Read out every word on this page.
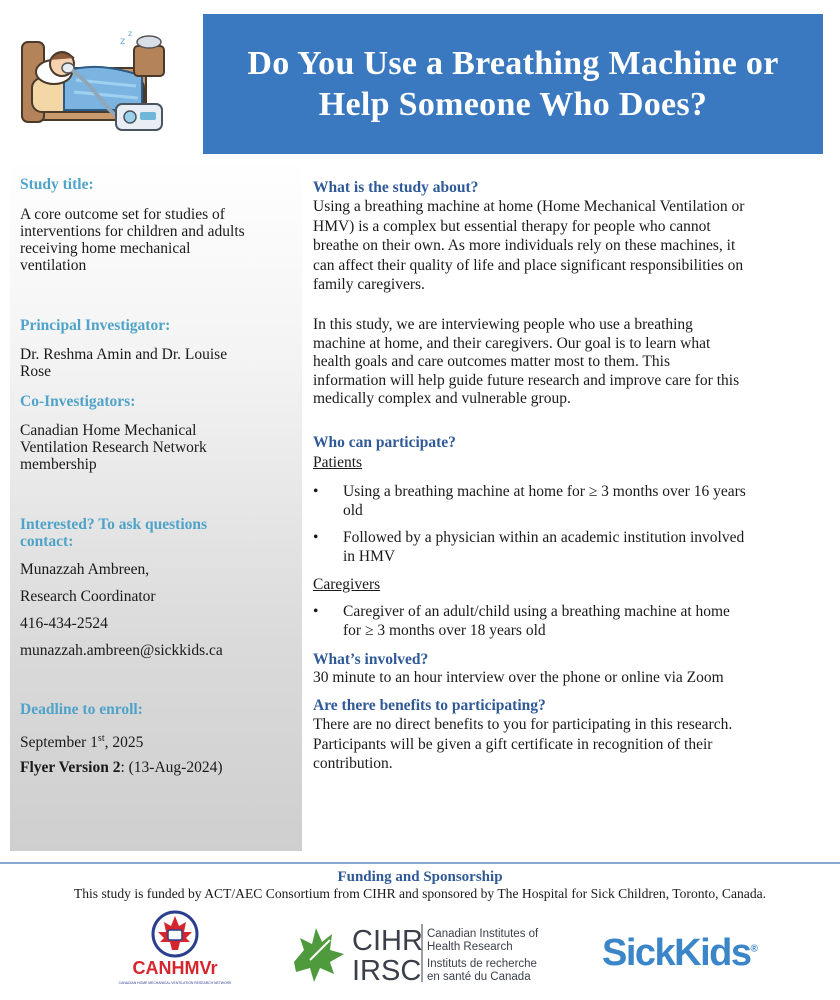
z
z
Do You Use a Breathing Machine or
Help Someone Who Does?
Study title:
A core outcome set for studies of
interventions for children and adults
receiving home mechanical
ventilation
Principal Investigator:
Dr. Reshma Amin and Dr. Louise
Rose
Co-Investigators:
Canadian Home Mechanical
Ventilation Research Network
membership
Interested? To ask questions
contact:
Munazzah Ambreen,
Research Coordinator
416-434-2524
munazzah.ambreen@sickkids.ca
Deadline to enroll:
September 1st, 2025
Flyer Version 2: (13-Aug-2024)
What is the study about?
Using a breathing machine at home (Home Mechanical Ventilation or
HMV) is a complex but essential therapy for people who cannot
breathe on their own. As more individuals rely on these machines, it
can affect their quality of life and place significant responsibilities on
family caregivers.
In this study, we are interviewing people who use a breathing
machine at home, and their caregivers. Our goal is to learn what
health goals and care outcomes matter most to them. This
information will help guide future research and improve care for this
medically complex and vulnerable group.
Who can participate?
Patients
• Using a breathing machine at home for ≥ 3 months over 16 years
old
• Followed by a physician within an academic institution involved
in HMV
Caregivers
• Caregiver of an adult/child using a breathing machine at home
for ≥ 3 months over 18 years old
What’s involved?
30 minute to an hour interview over the phone or online via Zoom
Are there benefits to participating?
There are no direct benefits to you for participating in this research.
Participants will be given a gift certificate in recognition of their
contribution.
Funding and Sponsorship
This study is funded by ACT/AEC Consortium from CIHR and sponsored by The Hospital for Sick Children, Toronto, Canada.
CANHMVr
CANADIAN HOME MECHANICAL VENTILATION RESEARCH NETWORK
CIHR
IRSC
Canadian Institutes of
Health Research
Instituts de recherche
en santé du Canada
SickKids®
